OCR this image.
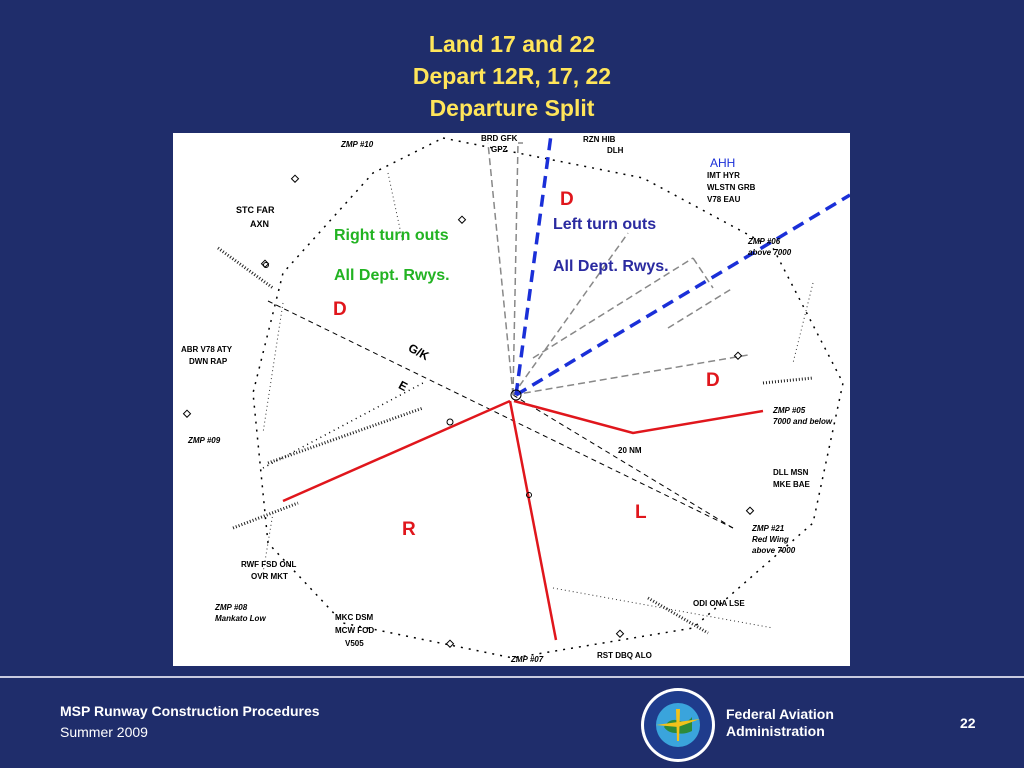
Land 17 and 22
Depart 12R, 17, 22
Departure Split
BRD GFK
GPZ
RZN HIB
DLH
ZMP #10
AHH
IMT HYR
WLSTN GRB
V78 EAU
STC FAR
AXN
ZMP #06
above 7000
ABR V78 ATY
DWN RAP
ZMP #09
ZMP #05
7000 and below
DLL MSN
MKE BAE
ZMP #21
Red Wing
above 7000
RWF FSD ONL
OVR MKT
ZMP #08
Mankato Low	MKC DSM
MCW FOD
V505
ZMP #07	RST DBQ ALO
ODI ONA LSE
20 NM
G/K
E
Left turn outs
All Dept. Rwys.
Right turn outs
All Dept. Rwys.
D
D
D
L
R
MSP Runway Construction Procedures
Summer 2009
Federal Aviation
Administration	22
